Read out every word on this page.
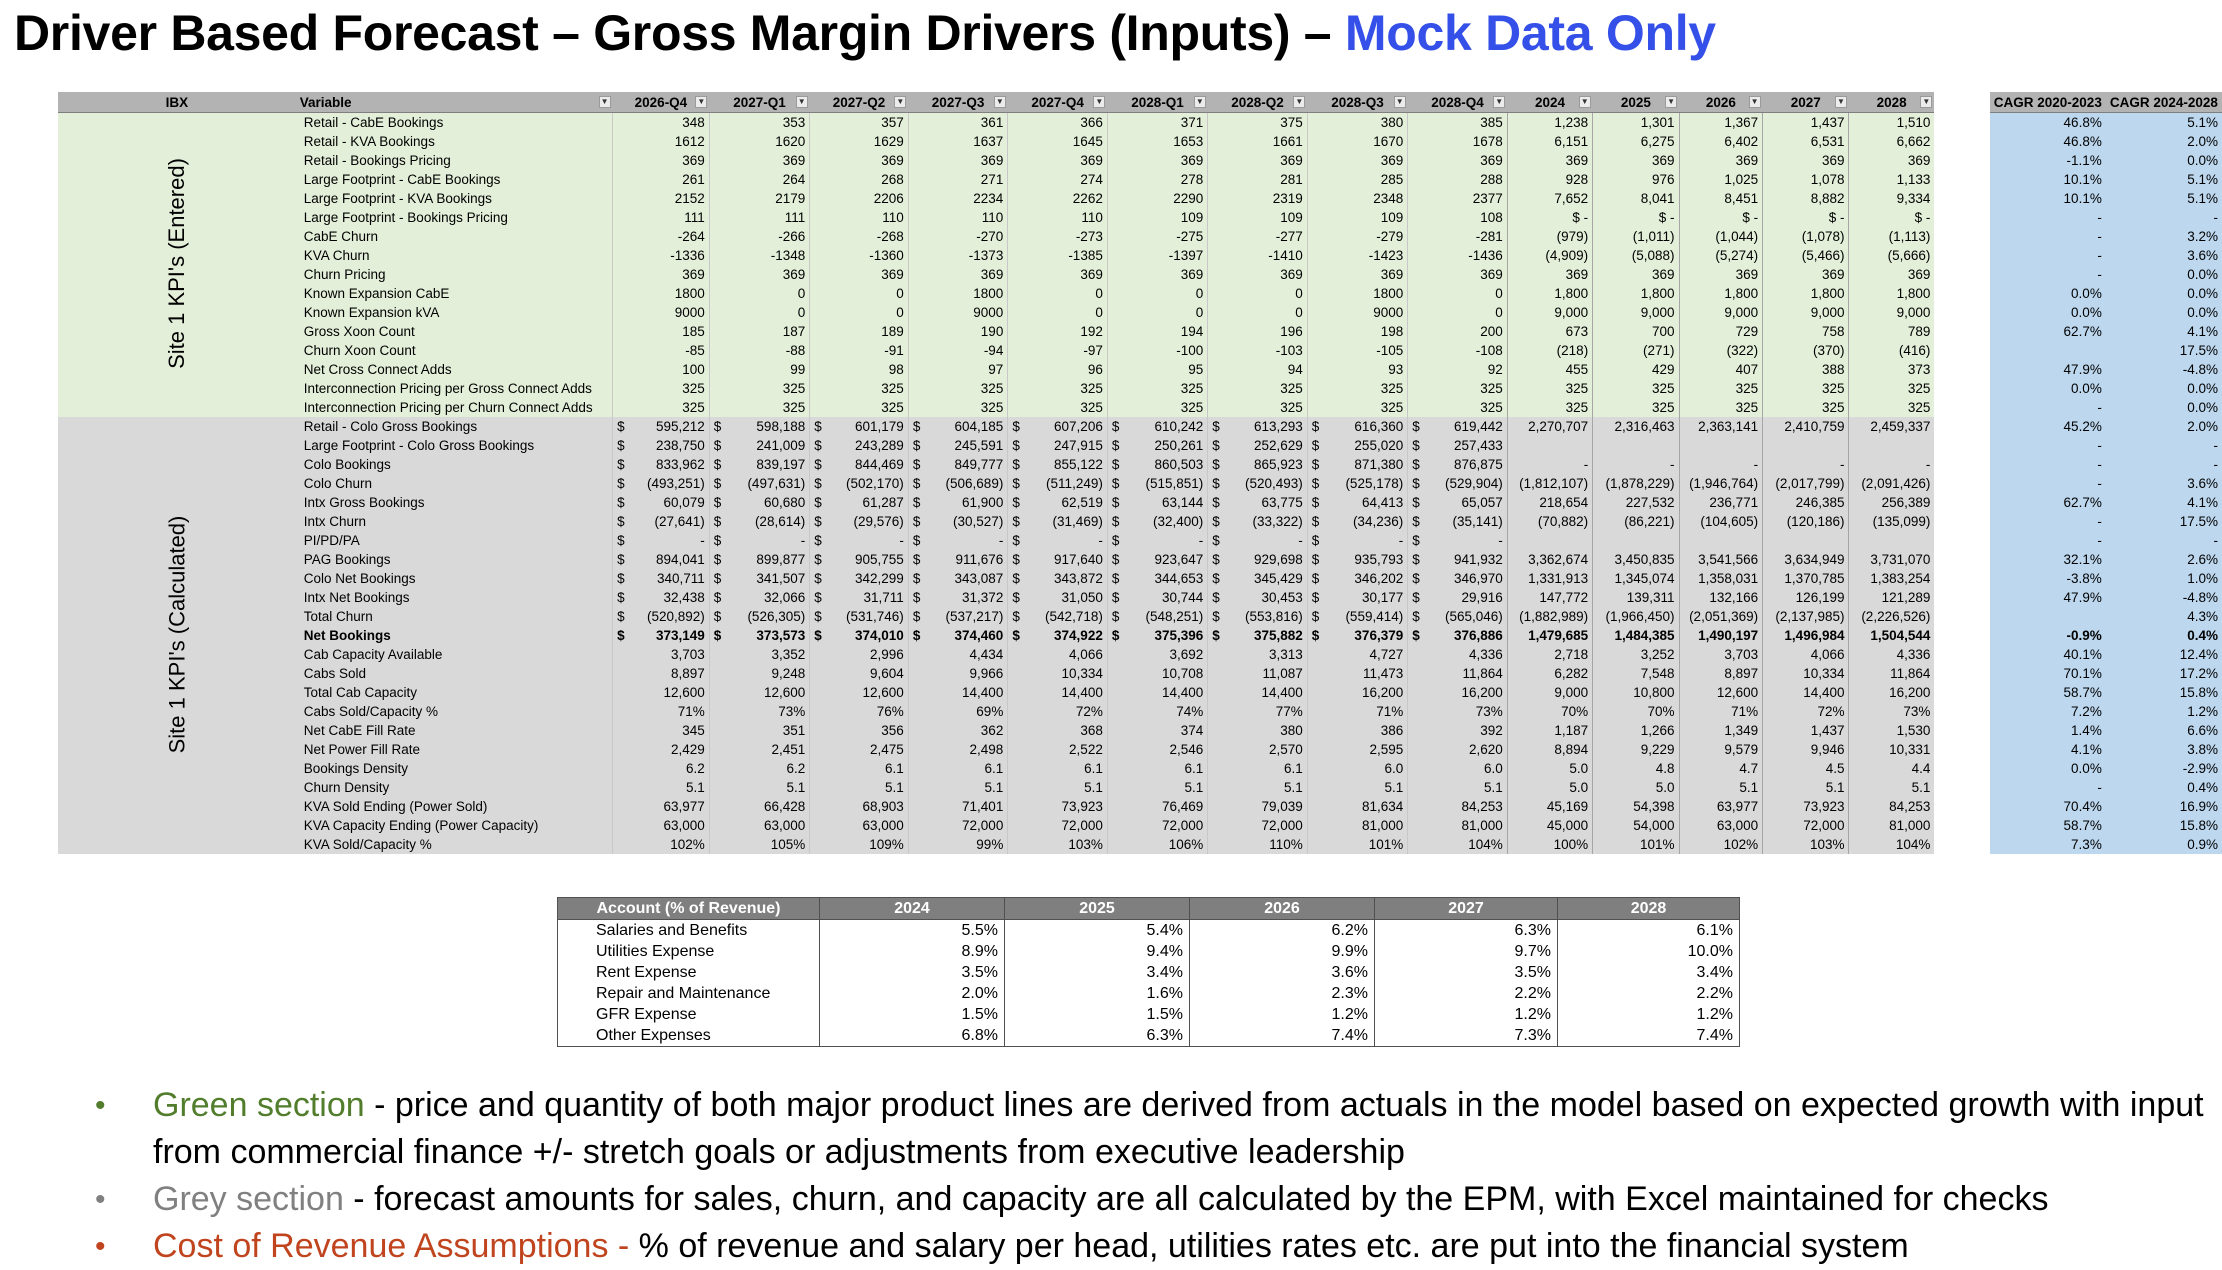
Driver Based Forecast – Gross Margin Drivers (Inputs) – Mock Data Only
IBX	Variable ▼	2026-Q4 ▼	2027-Q1 ▼	2027-Q2 ▼	2027-Q3 ▼	2027-Q4 ▼	2028-Q1 ▼	2028-Q2 ▼	2028-Q3 ▼	2028-Q4 ▼	2024 ▼	2025 ▼	2026 ▼	2027 ▼	2028 ▼		CAGR 2020-2023	CAGR 2024-2028
Site 1 KPI's (Entered)	Retail - CabE Bookings	348	353	357	361	366	371	375	380	385	1,238	1,301	1,367	1,437	1,510		46.8%	5.1%
	Retail - KVA Bookings	1612	1620	1629	1637	1645	1653	1661	1670	1678	6,151	6,275	6,402	6,531	6,662		46.8%	2.0%
	Retail - Bookings Pricing	369	369	369	369	369	369	369	369	369	369	369	369	369	369		-1.1%	0.0%
	Large Footprint - CabE Bookings	261	264	268	271	274	278	281	285	288	928	976	1,025	1,078	1,133		10.1%	5.1%
	Large Footprint - KVA Bookings	2152	2179	2206	2234	2262	2290	2319	2348	2377	7,652	8,041	8,451	8,882	9,334		10.1%	5.1%
	Large Footprint - Bookings Pricing	111	111	110	110	110	109	109	109	108	$ -	$ -	$ -	$ -	$ -		-	-
	CabE Churn	-264	-266	-268	-270	-273	-275	-277	-279	-281	(979)	(1,011)	(1,044)	(1,078)	(1,113)		-	3.2%
	KVA Churn	-1336	-1348	-1360	-1373	-1385	-1397	-1410	-1423	-1436	(4,909)	(5,088)	(5,274)	(5,466)	(5,666)		-	3.6%
	Churn Pricing	369	369	369	369	369	369	369	369	369	369	369	369	369	369		-	0.0%
	Known Expansion CabE	1800	0	0	1800	0	0	0	1800	0	1,800	1,800	1,800	1,800	1,800		0.0%	0.0%
	Known Expansion kVA	9000	0	0	9000	0	0	0	9000	0	9,000	9,000	9,000	9,000	9,000		0.0%	0.0%
	Gross Xoon Count	185	187	189	190	192	194	196	198	200	673	700	729	758	789		62.7%	4.1%
	Churn Xoon Count	-85	-88	-91	-94	-97	-100	-103	-105	-108	(218)	(271)	(322)	(370)	(416)			17.5%
	Net Cross Connect Adds	100	99	98	97	96	95	94	93	92	455	429	407	388	373		47.9%	-4.8%
	Interconnection Pricing per Gross Connect Adds	325	325	325	325	325	325	325	325	325	325	325	325	325	325		0.0%	0.0%
	Interconnection Pricing per Churn Connect Adds	325	325	325	325	325	325	325	325	325	325	325	325	325	325		-	0.0%
Site 1 KPI's (Calculated)	Retail - Colo Gross Bookings	$ 595,212	$ 598,188	$ 601,179	$ 604,185	$ 607,206	$ 610,242	$ 613,293	$ 616,360	$ 619,442	2,270,707	2,316,463	2,363,141	2,410,759	2,459,337		45.2%	2.0%
	Large Footprint - Colo Gross Bookings	$ 238,750	$ 241,009	$ 243,289	$ 245,591	$ 247,915	$ 250,261	$ 252,629	$ 255,020	$ 257,433							-	-
	Colo Bookings	$ 833,962	$ 839,197	$ 844,469	$ 849,777	$ 855,122	$ 860,503	$ 865,923	$ 871,380	$ 876,875	-	-	-	-	-		-	-
	Colo Churn	$ (493,251)	$ (497,631)	$ (502,170)	$ (506,689)	$ (511,249)	$ (515,851)	$ (520,493)	$ (525,178)	$ (529,904)	(1,812,107)	(1,878,229)	(1,946,764)	(2,017,799)	(2,091,426)		-	3.6%
	Intx Gross Bookings	$ 60,079	$ 60,680	$ 61,287	$ 61,900	$ 62,519	$ 63,144	$ 63,775	$ 64,413	$ 65,057	218,654	227,532	236,771	246,385	256,389		62.7%	4.1%
	Intx Churn	$ (27,641)	$ (28,614)	$ (29,576)	$ (30,527)	$ (31,469)	$ (32,400)	$ (33,322)	$ (34,236)	$ (35,141)	(70,882)	(86,221)	(104,605)	(120,186)	(135,099)		-	17.5%
	PI/PD/PA	$ -	$ -	$ -	$ -	$ -	$ -	$ -	$ -	$ -							-	-
	PAG Bookings	$ 894,041	$ 899,877	$ 905,755	$ 911,676	$ 917,640	$ 923,647	$ 929,698	$ 935,793	$ 941,932	3,362,674	3,450,835	3,541,566	3,634,949	3,731,070		32.1%	2.6%
	Colo Net Bookings	$ 340,711	$ 341,507	$ 342,299	$ 343,087	$ 343,872	$ 344,653	$ 345,429	$ 346,202	$ 346,970	1,331,913	1,345,074	1,358,031	1,370,785	1,383,254		-3.8%	1.0%
	Intx Net Bookings	$ 32,438	$ 32,066	$ 31,711	$ 31,372	$ 31,050	$ 30,744	$ 30,453	$ 30,177	$ 29,916	147,772	139,311	132,166	126,199	121,289		47.9%	-4.8%
	Total Churn	$ (520,892)	$ (526,305)	$ (531,746)	$ (537,217)	$ (542,718)	$ (548,251)	$ (553,816)	$ (559,414)	$ (565,046)	(1,882,989)	(1,966,450)	(2,051,369)	(2,137,985)	(2,226,526)			4.3%
	Net Bookings	$ 373,149	$ 373,573	$ 374,010	$ 374,460	$ 374,922	$ 375,396	$ 375,882	$ 376,379	$ 376,886	1,479,685	1,484,385	1,490,197	1,496,984	1,504,544		-0.9%	0.4%
	Cab Capacity Available	3,703	3,352	2,996	4,434	4,066	3,692	3,313	4,727	4,336	2,718	3,252	3,703	4,066	4,336		40.1%	12.4%
	Cabs Sold	8,897	9,248	9,604	9,966	10,334	10,708	11,087	11,473	11,864	6,282	7,548	8,897	10,334	11,864		70.1%	17.2%
	Total Cab Capacity	12,600	12,600	12,600	14,400	14,400	14,400	14,400	16,200	16,200	9,000	10,800	12,600	14,400	16,200		58.7%	15.8%
	Cabs Sold/Capacity %	71%	73%	76%	69%	72%	74%	77%	71%	73%	70%	70%	71%	72%	73%		7.2%	1.2%
	Net CabE Fill Rate	345	351	356	362	368	374	380	386	392	1,187	1,266	1,349	1,437	1,530		1.4%	6.6%
	Net Power Fill Rate	2,429	2,451	2,475	2,498	2,522	2,546	2,570	2,595	2,620	8,894	9,229	9,579	9,946	10,331		4.1%	3.8%
	Bookings Density	6.2	6.2	6.1	6.1	6.1	6.1	6.1	6.0	6.0	5.0	4.8	4.7	4.5	4.4		0.0%	-2.9%
	Churn Density	5.1	5.1	5.1	5.1	5.1	5.1	5.1	5.1	5.1	5.0	5.0	5.1	5.1	5.1		-	0.4%
	KVA Sold Ending (Power Sold)	63,977	66,428	68,903	71,401	73,923	76,469	79,039	81,634	84,253	45,169	54,398	63,977	73,923	84,253		70.4%	16.9%
	KVA Capacity Ending (Power Capacity)	63,000	63,000	63,000	72,000	72,000	72,000	72,000	81,000	81,000	45,000	54,000	63,000	72,000	81,000		58.7%	15.8%
	KVA Sold/Capacity %	102%	105%	109%	99%	103%	106%	110%	101%	104%	100%	101%	102%	103%	104%		7.3%	0.9%
Account (% of Revenue)	2024	2025	2026	2027	2028
Salaries and Benefits	5.5%	5.4%	6.2%	6.3%	6.1%
Utilities Expense	8.9%	9.4%	9.9%	9.7%	10.0%
Rent Expense	3.5%	3.4%	3.6%	3.5%	3.4%
Repair and Maintenance	2.0%	1.6%	2.3%	2.2%	2.2%
GFR Expense	1.5%	1.5%	1.2%	1.2%	1.2%
Other Expenses	6.8%	6.3%	7.4%	7.3%	7.4%
• Green section - price and quantity of both major product lines are derived from actuals in the model based on expected growth with input from commercial finance +/- stretch goals or adjustments from executive leadership
• Grey section - forecast amounts for sales, churn, and capacity are all calculated by the EPM, with Excel maintained for checks
• Cost of Revenue Assumptions - % of revenue and salary per head, utilities rates etc. are put into the financial system
